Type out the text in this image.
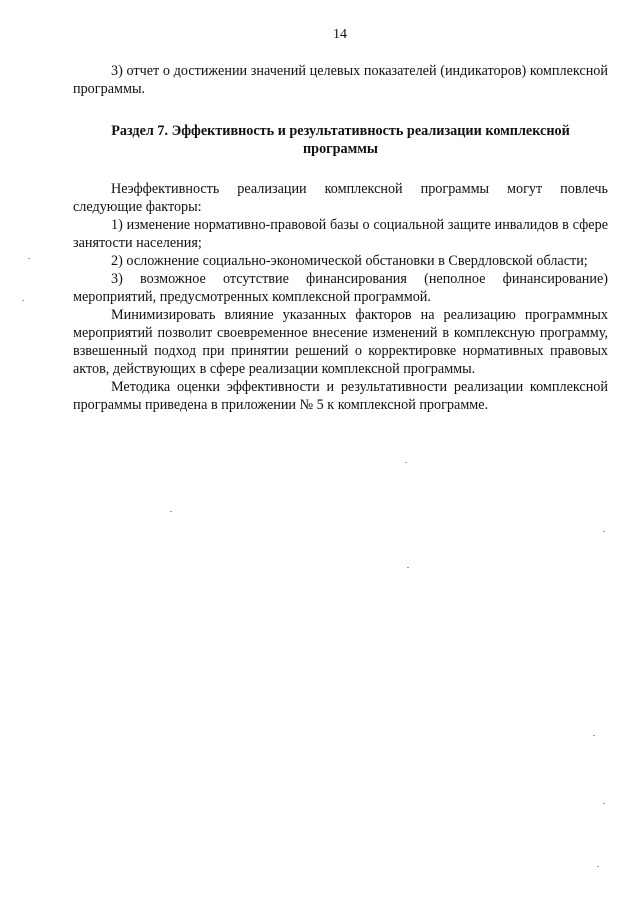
14

3) отчет о достижении значений целевых показателей (индикаторов) комплексной программы.

Раздел 7. Эффективность и результативность реализации комплексной программы

Неэффективность реализации комплексной программы могут повлечь следующие факторы:

1) изменение нормативно-правовой базы о социальной защите инвалидов в сфере занятости населения;

2) осложнение социально-экономической обстановки в Свердловской области;

3) возможное отсутствие финансирования (неполное финансирование) мероприятий, предусмотренных комплексной программой.

Минимизировать влияние указанных факторов на реализацию программных мероприятий позволит своевременное внесение изменений в комплексную программу, взвешенный подход при принятии решений о корректировке нормативных правовых актов, действующих в сфере реализации комплексной программы.

Методика оценки эффективности и результативности реализации комплексной программы приведена в приложении № 5 к комплексной программе.
